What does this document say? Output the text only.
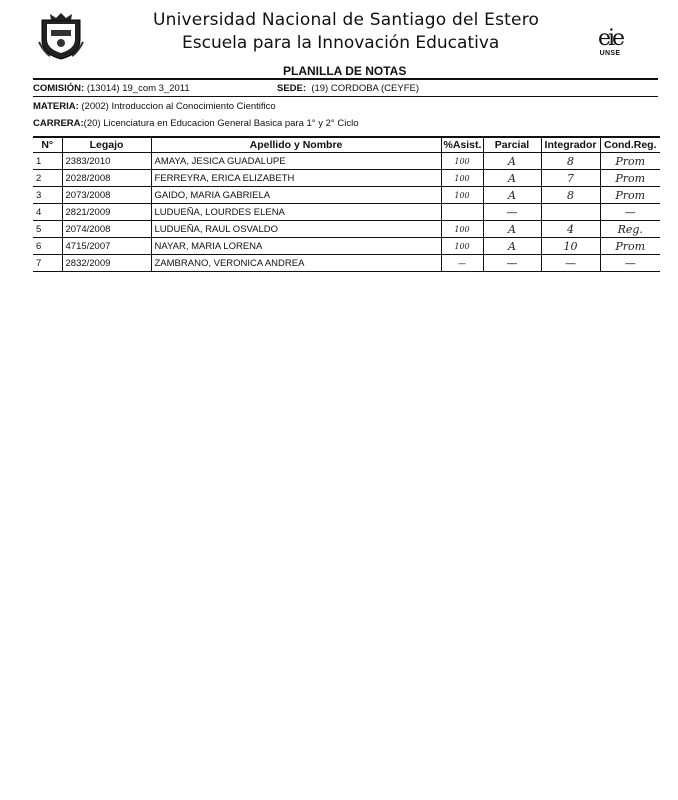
Universidad Nacional de Santiago del Estero
Escuela para la Innovación Educativa	eie
UNSE
PLANILLA DE NOTAS
COMISIÓN: (13014) 19_com 3_2011	SEDE: (19) CORDOBA (CEYFE)
MATERIA: (2002) Introduccion al Conocimiento Cientifico
CARRERA:(20) Licenciatura en Educacion General Basica para 1° y 2° Ciclo
N°	Legajo	Apellido y Nombre	%Asist.	Parcial	Integrador	Cond.Reg.
1	2383/2010	AMAYA, JESICA GUADALUPE	100	A	8	Prom
2	2028/2008	FERREYRA, ERICA ELIZABETH	100	A	7	Prom
3	2073/2008	GAIDO, MARIA GABRIELA	100	A	8	Prom
4	2821/2009	LUDUEÑA, LOURDES ELENA		—		—
5	2074/2008	LUDUEÑA, RAUL OSVALDO	100	A	4	Reg.
6	4715/2007	NAYAR, MARIA LORENA	100	A	10	Prom
7	2832/2009	ZAMBRANO, VERONICA ANDREA	—	—	—	—
